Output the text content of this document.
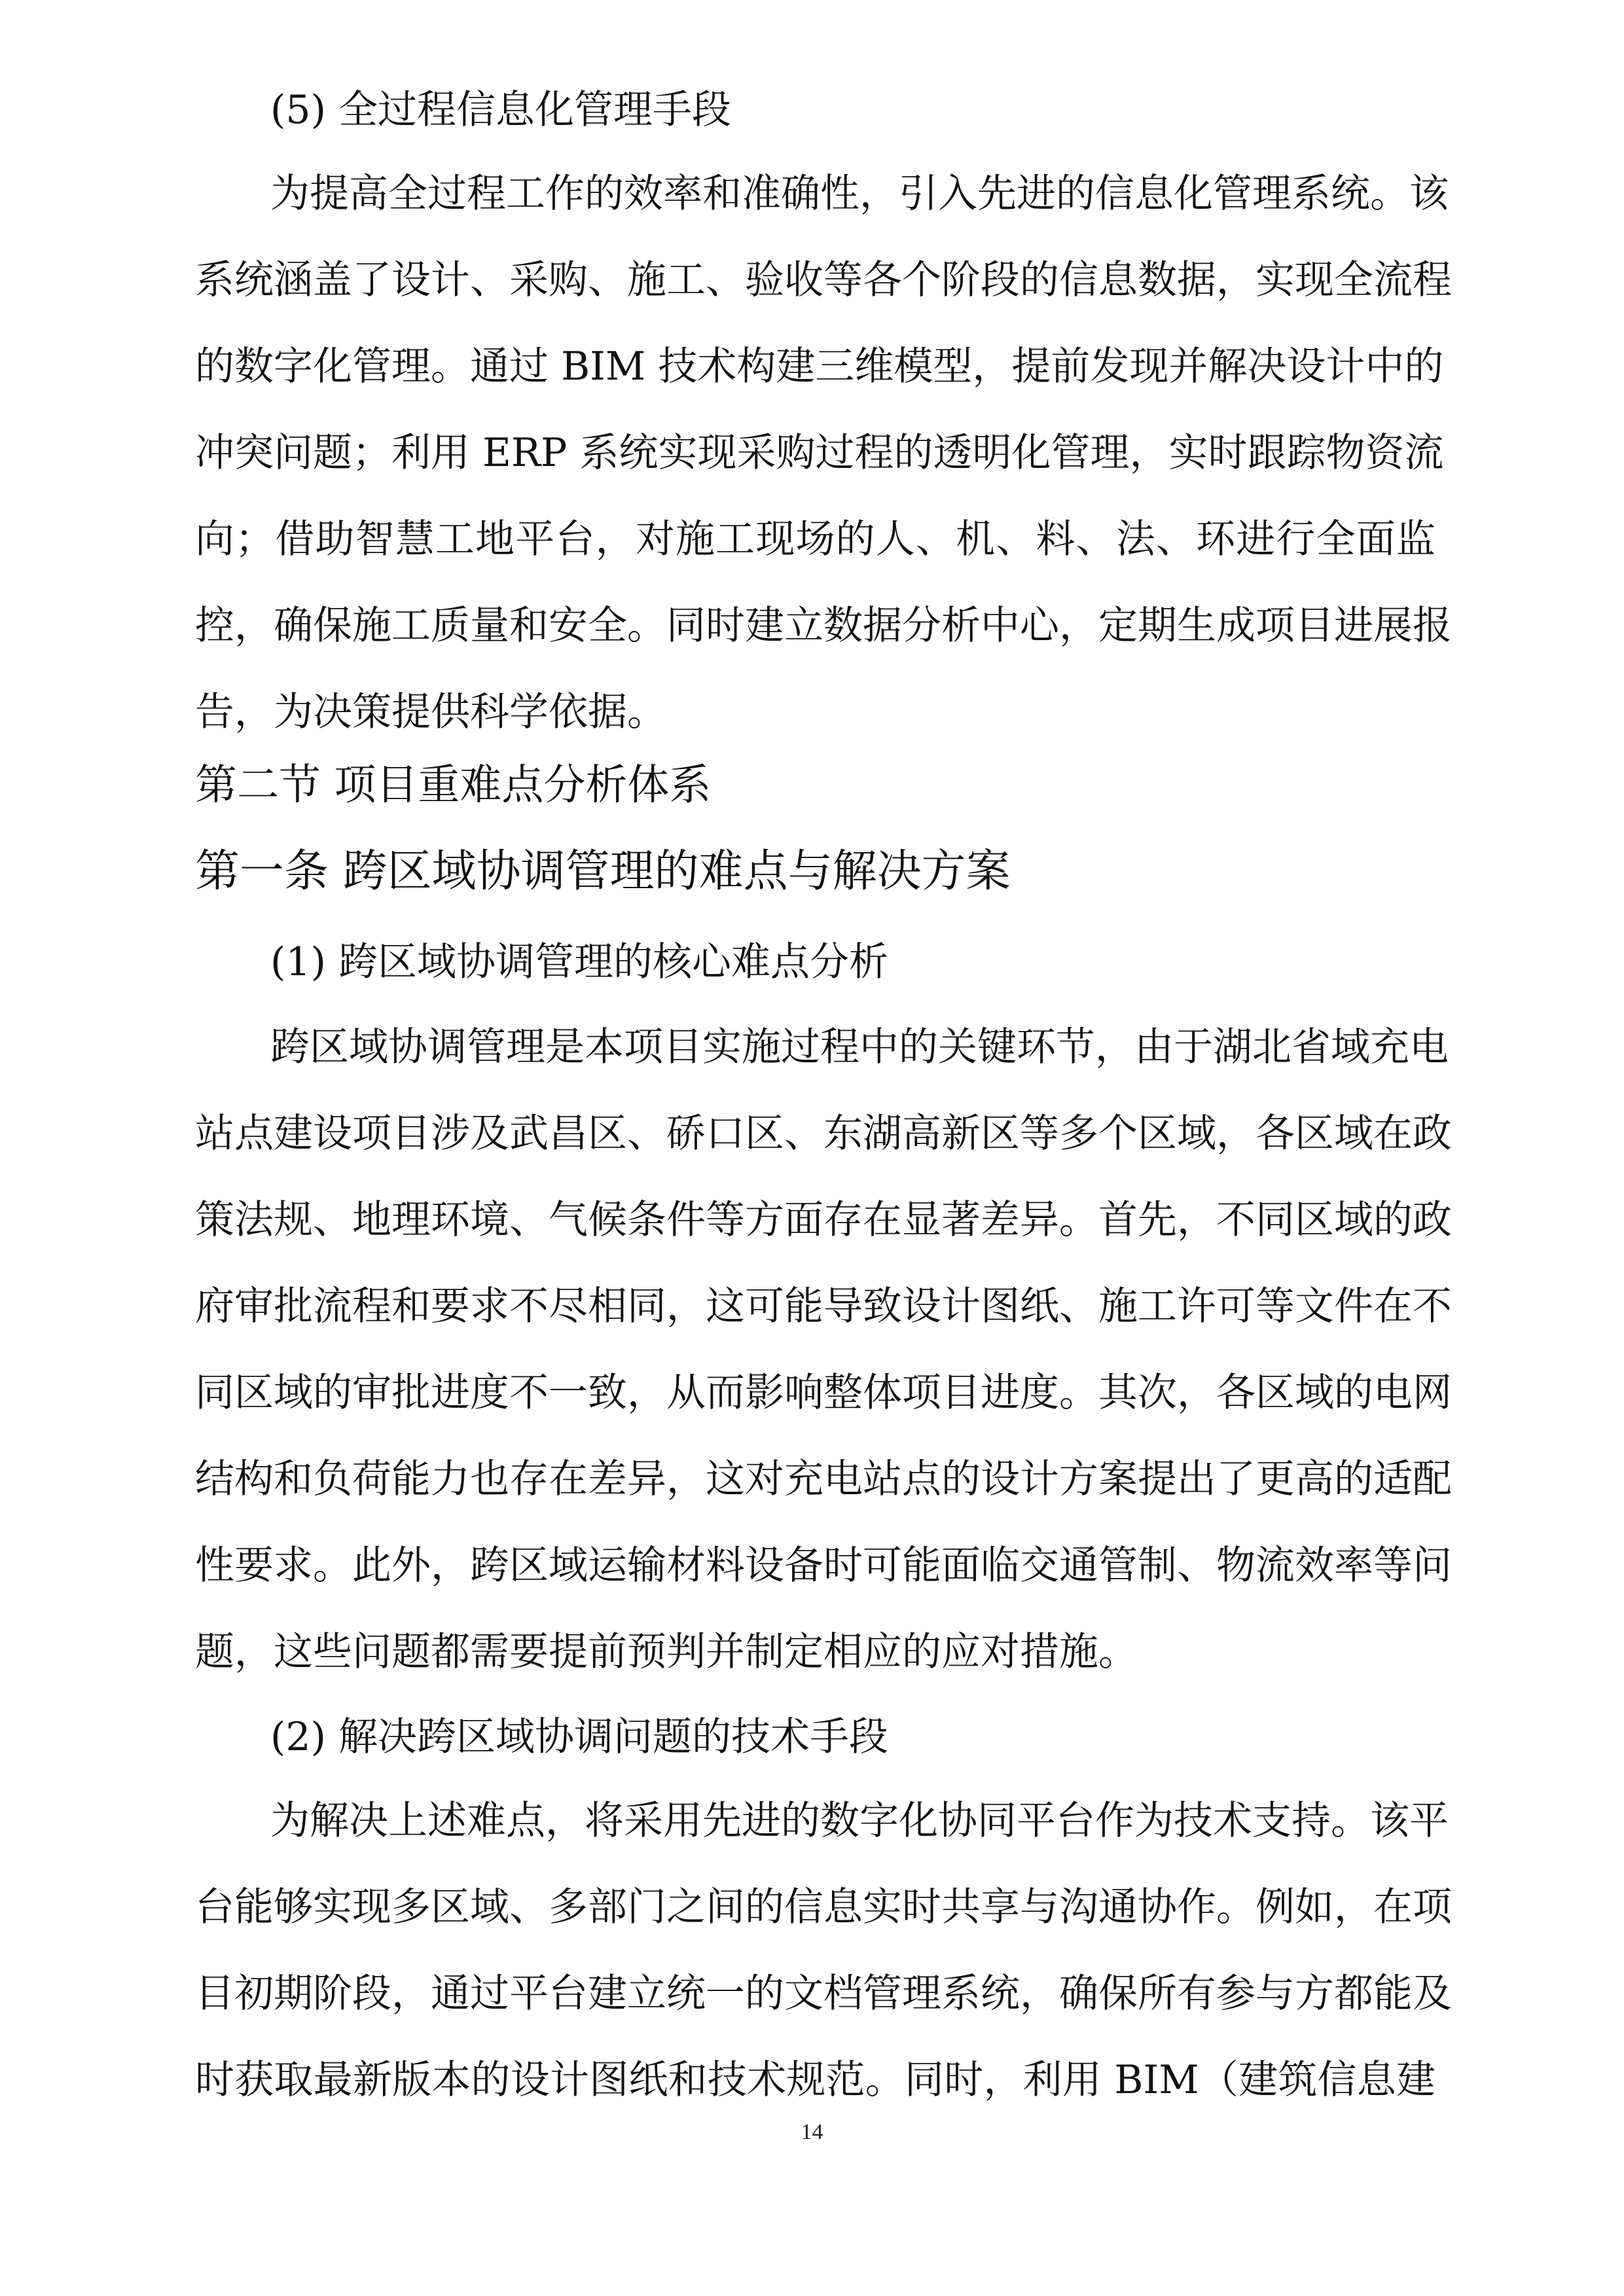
(5) 全过程信息化管理手段
为提高全过程工作的效率和准确性，引入先进的信息化管理系统。该
系统涵盖了设计、采购、施工、验收等各个阶段的信息数据，实现全流程
的数字化管理。通过 BIM 技术构建三维模型，提前发现并解决设计中的
冲突问题；利用 ERP 系统实现采购过程的透明化管理，实时跟踪物资流
向；借助智慧工地平台，对施工现场的人、机、料、法、环进行全面监
控，确保施工质量和安全。同时建立数据分析中心，定期生成项目进展报
告，为决策提供科学依据。
第二节 项目重难点分析体系
第一条 跨区域协调管理的难点与解决方案
(1) 跨区域协调管理的核心难点分析
跨区域协调管理是本项目实施过程中的关键环节，由于湖北省域充电
站点建设项目涉及武昌区、硚口区、东湖高新区等多个区域，各区域在政
策法规、地理环境、气候条件等方面存在显著差异。首先，不同区域的政
府审批流程和要求不尽相同，这可能导致设计图纸、施工许可等文件在不
同区域的审批进度不一致，从而影响整体项目进度。其次，各区域的电网
结构和负荷能力也存在差异，这对充电站点的设计方案提出了更高的适配
性要求。此外，跨区域运输材料设备时可能面临交通管制、物流效率等问
题，这些问题都需要提前预判并制定相应的应对措施。
(2) 解决跨区域协调问题的技术手段
为解决上述难点，将采用先进的数字化协同平台作为技术支持。该平
台能够实现多区域、多部门之间的信息实时共享与沟通协作。例如，在项
目初期阶段，通过平台建立统一的文档管理系统，确保所有参与方都能及
时获取最新版本的设计图纸和技术规范。同时，利用 BIM（建筑信息建
14
